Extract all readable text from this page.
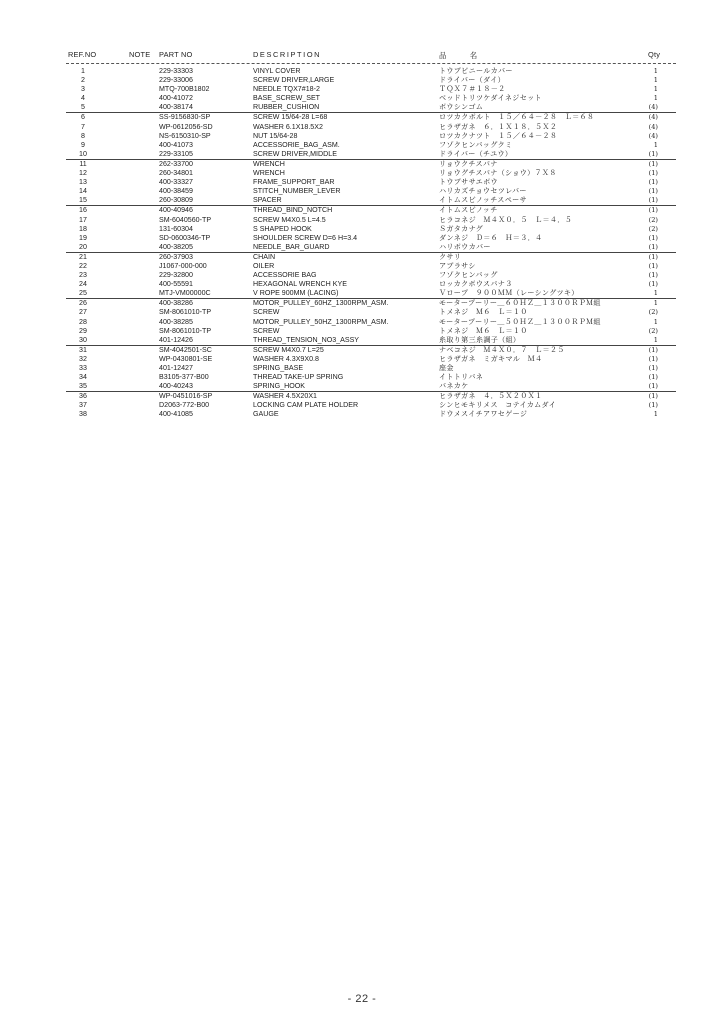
REF.NO	NOTE PART NO	DESCRIPTION	品　名	Qty
1	229-33303	VINYL COVER	トウブビニールカバー	1
2	229-33006	SCREW DRIVER,LARGE	ドライバー（ダイ）	1
3	MTQ-700B1802	NEEDLE TQX7#18-2	ＴＱＸ７＃１８－２	1
4	400-41072	BASE_SCREW_SET	ベッドトリツケダイネジセット	1
5	400-38174	RUBBER_CUSHION	ボウシンゴム	(4)
6	SS-9156830-SP	SCREW 15/64-28 L=68	ロツカクボルト　１５／６４－２８　Ｌ＝６８	(4)
7	WP-0612056-SD	WASHER 6.1X18.5X2	ヒラザガネ　６．１Ｘ１８．５Ｘ２	(4)
8	NS-6150310-SP	NUT 15/64-28	ロツカクナツト　１５／６４－２８	(4)
9	400-41073	ACCESSORIE_BAG_ASM.	フゾクヒンバッグクミ	1
10	229-33105	SCREW DRIVER,MIDDLE	ドライバー（チユウ）	(1)
11	262-33700	WRENCH	リョウクチスパナ	(1)
12	260-34801	WRENCH	リョウグチスパナ（ショウ）７Ｘ８	(1)
13	400-33327	FRAME_SUPPORT_BAR	トウブササエボウ	(1)
14	400-38459	STITCH_NUMBER_LEVER	ハリカズチョウセツレバー	(1)
15	260-30809	SPACER	イトムスビノッチスペーサ	(1)
16	400-40946	THREAD_BIND_NOTCH	イトムスビノッチ	(1)
17	SM-6040560-TP	SCREW M4X0.5 L=4.5	ヒラコネジ　Ｍ４Ｘ０．５　Ｌ＝４．５	(2)
18	131-60304	S SHAPED HOOK	Ｓガタカナグ	(2)
19	SD-0600346-TP	SHOULDER SCREW D=6 H=3.4	ダンネジ　Ｄ＝６　Ｈ＝３．４	(1)
20	400-38205	NEEDLE_BAR_GUARD	ハリボウカバー	(1)
21	260-37903	CHAIN	クサリ	(1)
22	J1067-000-000	OILER	アブラサシ	(1)
23	229-32800	ACCESSORIE BAG	フゾクヒンバッグ	(1)
24	400-55591	HEXAGONAL WRENCH KYE	ロッカクボウスパナ３	(1)
25	MTJ-VM00000C	V ROPE 900MM (LACING)	Ｖロープ　９００ＭＭ（レーシングツキ）	1
26	400-38286	MOTOR_PULLEY_60HZ_1300RPM_ASM.	モータープーリー＿６０ＨＺ＿１３００ＲＰＭ組	1
27	SM-8061010-TP	SCREW	トメネジ　Ｍ６　Ｌ＝１０	(2)
28	400-38285	MOTOR_PULLEY_50HZ_1300RPM_ASM.	モータープーリー＿５０ＨＺ＿１３００ＲＰＭ組	1
29	SM-8061010-TP	SCREW	トメネジ　Ｍ６　Ｌ＝１０	(2)
30	401-12426	THREAD_TENSION_NO3_ASSY	糸取り第三糸調子（組）	1
31	SM-4042501-SC	SCREW M4X0.7 L=25	ナベコネジ　Ｍ４Ｘ０．７　Ｌ＝２５	(1)
32	WP-0430801-SE	WASHER 4.3X9X0.8	ヒラザガネ　ミガキマル　Ｍ４	(1)
33	401-12427	SPRING_BASE	座金	(1)
34	B3105-377-B00	THREAD TAKE-UP SPRING	イトトリバネ	(1)
35	400-40243	SPRING_HOOK	バネカケ	(1)
36	WP-0451016-SP	WASHER 4.5X20X1	ヒラザガネ　４．５Ｘ２０Ｘ１	(1)
37	D2063-772-B00	LOCKING CAM PLATE HOLDER	シンヒモキリメス　コテイカムダイ	(1)
38	400-41085	GAUGE	ドウメスイチアワセゲージ	1
- 22 -
